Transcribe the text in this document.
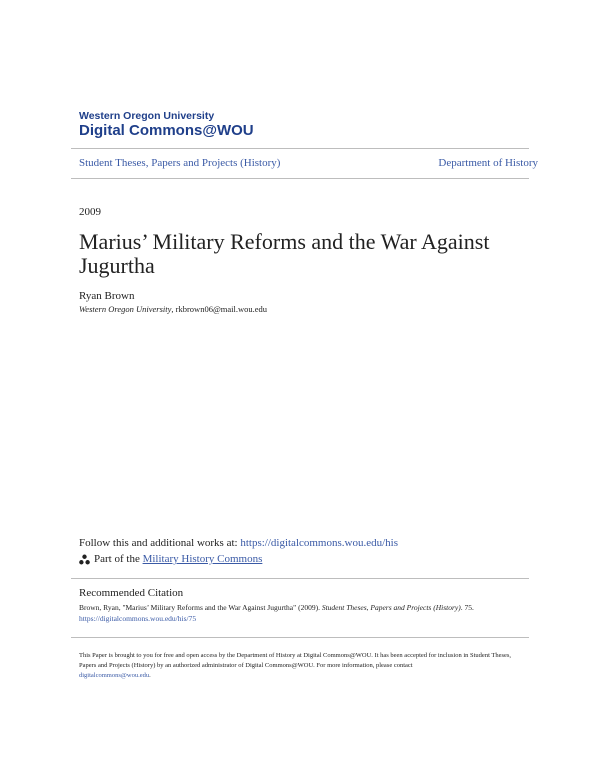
Western Oregon University
Digital Commons@WOU
Student Theses, Papers and Projects (History)	Department of History
2009
Marius’ Military Reforms and the War Against Jugurtha
Ryan Brown
Western Oregon University, rkbrown06@mail.wou.edu
Follow this and additional works at: https://digitalcommons.wou.edu/his
Part of the
Military History Commons
Recommended Citation
Brown, Ryan, "Marius’ Military Reforms and the War Against Jugurtha" (2009). Student Theses, Papers and Projects (History). 75.
https://digitalcommons.wou.edu/his/75
This Paper is brought to you for free and open access by the Department of History at Digital Commons@WOU. It has been accepted for inclusion in Student Theses, Papers and Projects (History) by an authorized administrator of Digital Commons@WOU. For more information, please contact
digitalcommons@wou.edu.
